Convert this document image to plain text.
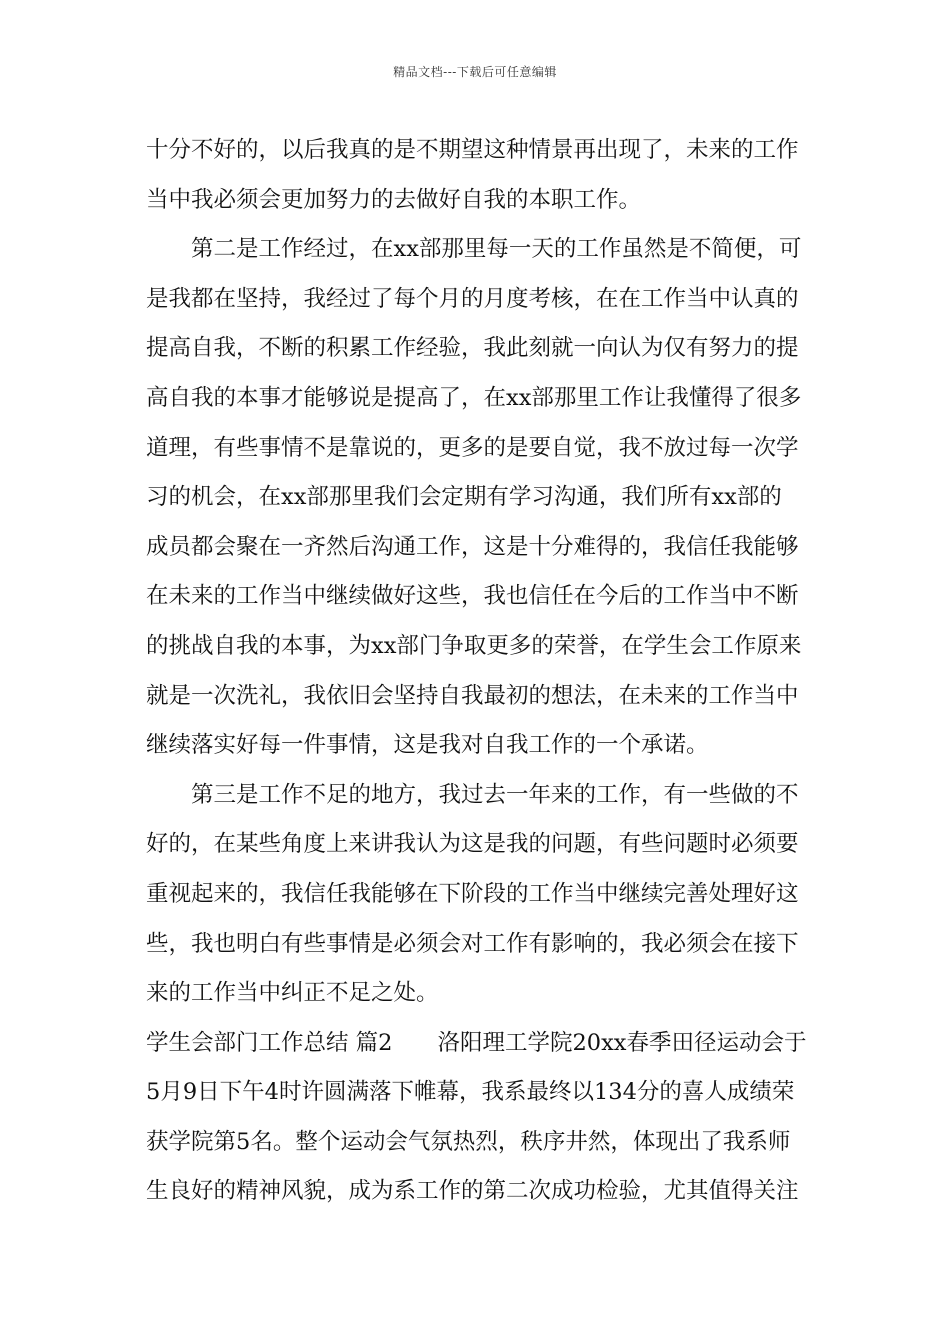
精品文档---下载后可任意编辑
十分不好的，以后我真的是不期望这种情景再出现了，未来的工作
当中我必须会更加努力的去做好自我的本职工作。
　　第二是工作经过，在xx部那里每一天的工作虽然是不简便，可
是我都在坚持，我经过了每个月的月度考核，在在工作当中认真的
提高自我，不断的积累工作经验，我此刻就一向认为仅有努力的提
高自我的本事才能够说是提高了，在xx部那里工作让我懂得了很多
道理，有些事情不是靠说的，更多的是要自觉，我不放过每一次学
习的机会，在xx部那里我们会定期有学习沟通，我们所有xx部的
成员都会聚在一齐然后沟通工作，这是十分难得的，我信任我能够
在未来的工作当中继续做好这些，我也信任在今后的工作当中不断
的挑战自我的本事，为xx部门争取更多的荣誉，在学生会工作原来
就是一次洗礼，我依旧会坚持自我最初的想法，在未来的工作当中
继续落实好每一件事情，这是我对自我工作的一个承诺。
　　第三是工作不足的地方，我过去一年来的工作，有一些做的不
好的，在某些角度上来讲我认为这是我的问题，有些问题时必须要
重视起来的，我信任我能够在下阶段的工作当中继续完善处理好这
些，我也明白有些事情是必须会对工作有影响的，我必须会在接下
来的工作当中纠正不足之处。
学生会部门工作总结 篇2　　洛阳理工学院20xx春季田径运动会于
5月9日下午4时许圆满落下帷幕，我系最终以134分的喜人成绩荣
获学院第5名。整个运动会气氛热烈，秩序井然，体现出了我系师
生良好的精神风貌，成为系工作的第二次成功检验，尤其值得关注
